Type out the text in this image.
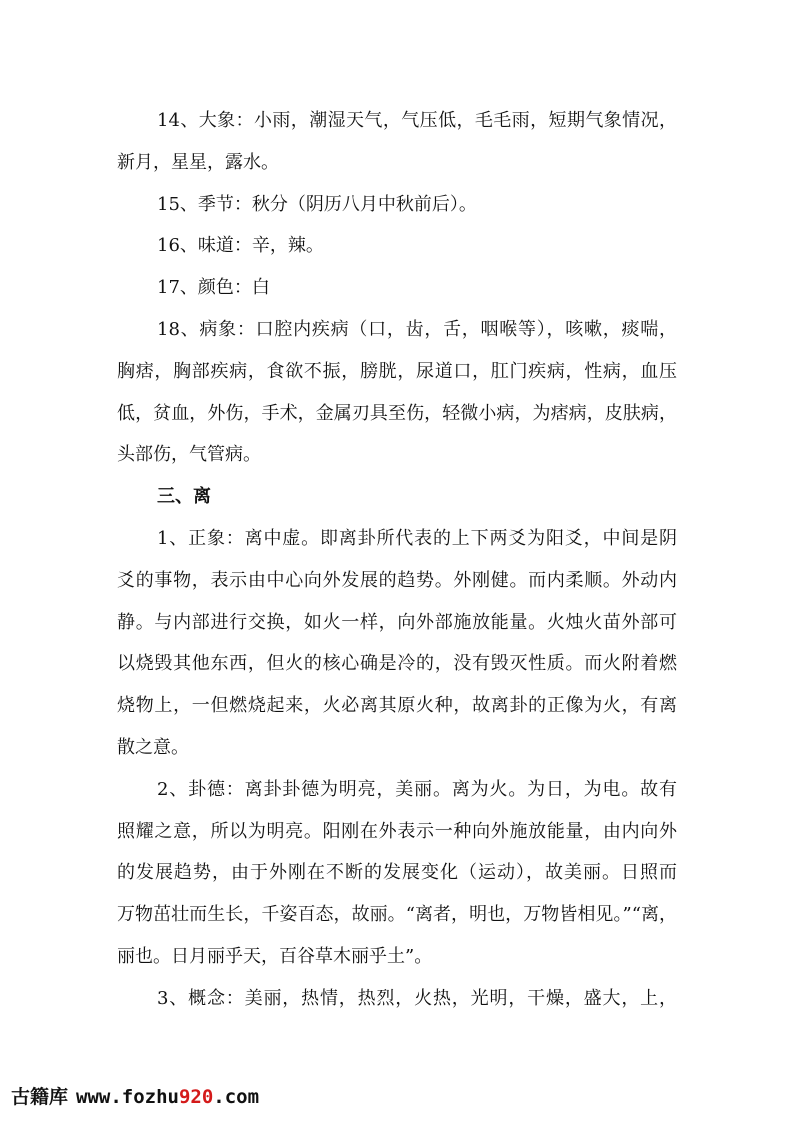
14、大象：小雨，潮湿天气，气压低，毛毛雨，短期气象情况，
新月，星星，露水。
15、季节：秋分（阴历八月中秋前后）。
16、味道：辛，辣。
17、颜色：白
18、病象：口腔内疾病（口，齿，舌，咽喉等），咳嗽，痰喘，
胸痞，胸部疾病，食欲不振，膀胱，尿道口，肛门疾病，性病，血压
低，贫血，外伤，手术，金属刃具至伤，轻微小病，为痞病，皮肤病，
头部伤，气管病。
三、离
1、正象：离中虚。即离卦所代表的上下两爻为阳爻，中间是阴
爻的事物，表示由中心向外发展的趋势。外刚健。而内柔顺。外动内
静。与内部进行交换，如火一样，向外部施放能量。火烛火苗外部可
以烧毁其他东西，但火的核心确是冷的，没有毁灭性质。而火附着燃
烧物上，一但燃烧起来，火必离其原火种，故离卦的正像为火，有离
散之意。
2、卦德：离卦卦德为明亮，美丽。离为火。为日，为电。故有
照耀之意，所以为明亮。阳刚在外表示一种向外施放能量，由内向外
的发展趋势，由于外刚在不断的发展变化（运动），故美丽。日照而
万物茁壮而生长，千姿百态，故丽。“离者，明也，万物皆相见。”“离，
丽也。日月丽乎天，百谷草木丽乎土”。
3、概念：美丽，热情，热烈，火热，光明，干燥，盛大，上，
古籍库 www.fozhu920.com
